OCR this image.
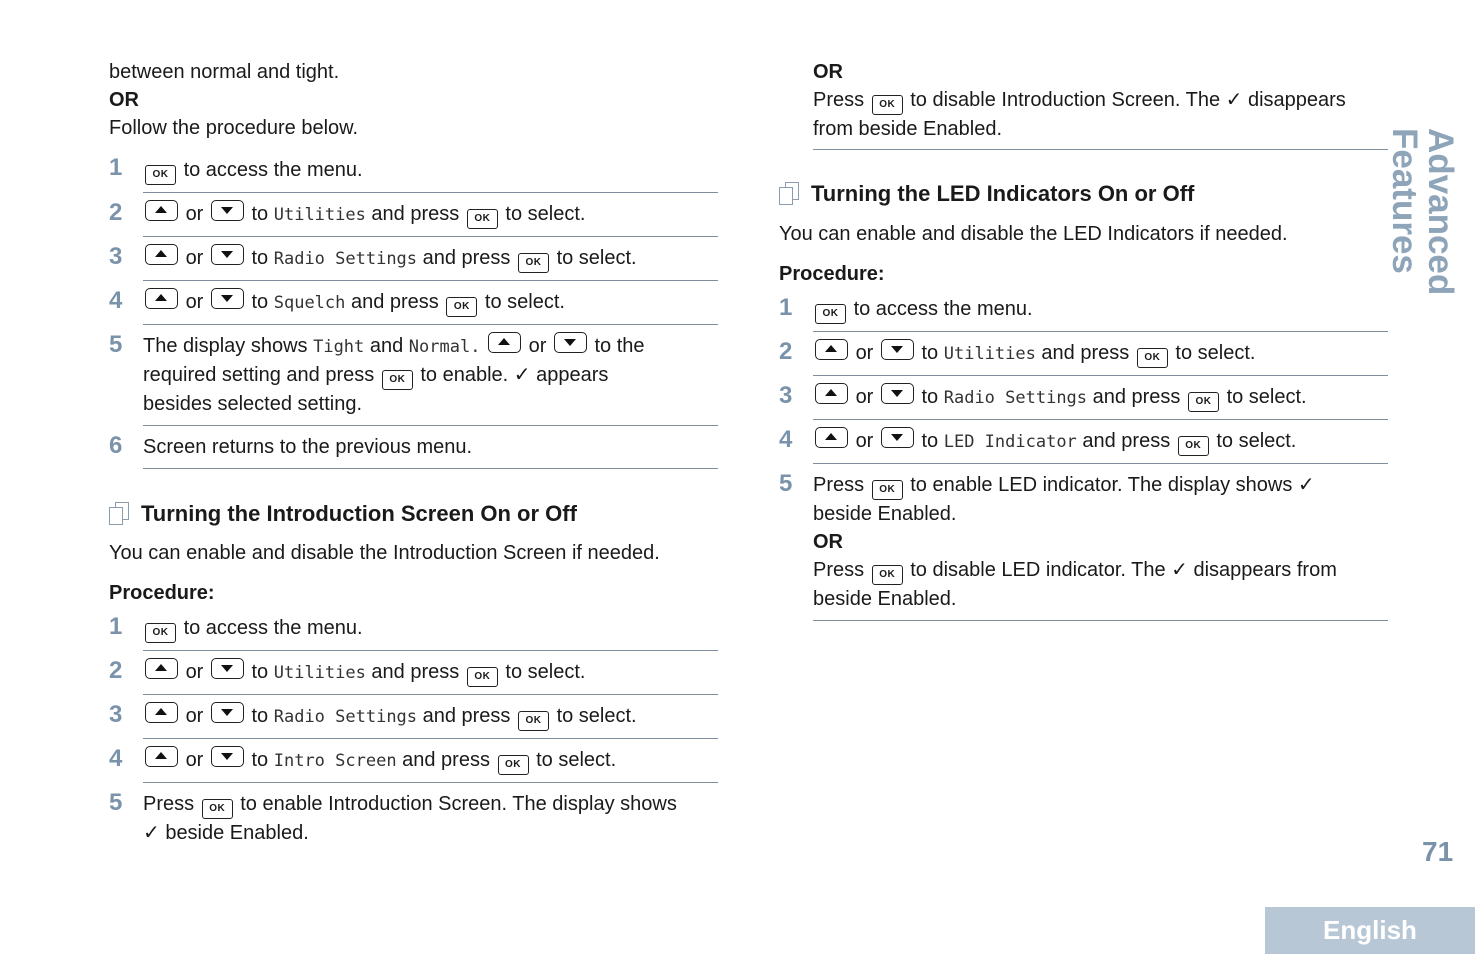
between normal and tight.
OR
Follow the procedure below.
1	OK to access the menu.
2	or to Utilities and press OK to select.
3	or to Radio Settings and press OK to select.
4	or to Squelch and press OK to select.
5	The display shows Tight and Normal. or to the
required setting and press OK to enable. ✓ appears
besides selected setting.
6	Screen returns to the previous menu.
Turning the Introduction Screen On or Off
You can enable and disable the Introduction Screen if needed.
Procedure:
1	OK to access the menu.
2	or to Utilities and press OK to select.
3	or to Radio Settings and press OK to select.
4	or to Intro Screen and press OK to select.
5	Press OK to enable Introduction Screen. The display shows
✓ beside Enabled.
OR
Press OK to disable Introduction Screen. The ✓ disappears
from beside Enabled.
Turning the LED Indicators On or Off
You can enable and disable the LED Indicators if needed.
Procedure:
1	OK to access the menu.
2	or to Utilities and press OK to select.
3	or to Radio Settings and press OK to select.
4	or to LED Indicator and press OK to select.
5	Press OK to enable LED indicator. The display shows ✓
beside Enabled.
OR
Press OK to disable LED indicator. The ✓ disappears from
beside Enabled.
Advanced Features
71
English
